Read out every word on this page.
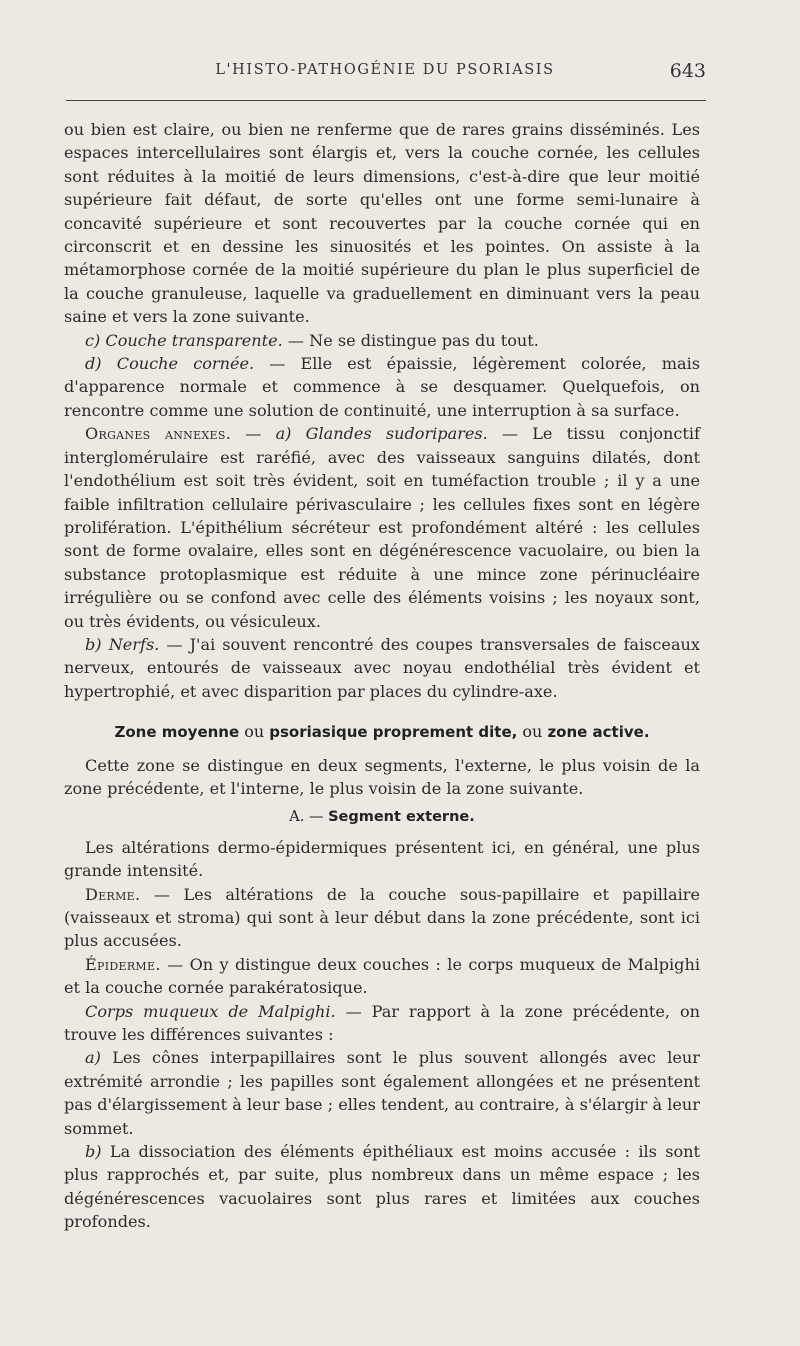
L'HISTO-PATHOGÉNIE DU PSORIASIS	643

ou bien est claire, ou bien ne renferme que de rares grains disséminés. Les espaces intercellulaires sont élargis et, vers la couche cornée, les cellules sont réduites à la moitié de leurs dimensions, c'est-à-dire que leur moitié supérieure fait défaut, de sorte qu'elles ont une forme semi-lunaire à concavité supérieure et sont recouvertes par la couche cornée qui en circonscrit et en dessine les sinuosités et les pointes. On assiste à la métamorphose cornée de la moitié supérieure du plan le plus superficiel de la couche granuleuse, laquelle va graduellement en diminuant vers la peau saine et vers la zone suivante.

c) Couche transparente. — Ne se distingue pas du tout.

d) Couche cornée. — Elle est épaissie, légèrement colorée, mais d'apparence normale et commence à se desquamer. Quelquefois, on rencontre comme une solution de continuité, une interruption à sa surface.

Organes annexes. — a) Glandes sudoripares. — Le tissu conjonctif interglomérulaire est raréfié, avec des vaisseaux sanguins dilatés, dont l'endothélium est soit très évident, soit en tuméfaction trouble ; il y a une faible infiltration cellulaire périvasculaire ; les cellules fixes sont en légère prolifération. L'épithélium sécréteur est profondément altéré : les cellules sont de forme ovalaire, elles sont en dégénérescence vacuolaire, ou bien la substance protoplasmique est réduite à une mince zone périnucléaire irrégulière ou se confond avec celle des éléments voisins ; les noyaux sont, ou très évidents, ou vésiculeux.

b) Nerfs. — J'ai souvent rencontré des coupes transversales de faisceaux nerveux, entourés de vaisseaux avec noyau endothélial très évident et hypertrophié, et avec disparition par places du cylindre-axe.

Zone moyenne ou psoriasique proprement dite, ou zone active.

Cette zone se distingue en deux segments, l'externe, le plus voisin de la zone précédente, et l'interne, le plus voisin de la zone suivante.

A. — Segment externe.

Les altérations dermo-épidermiques présentent ici, en général, une plus grande intensité.

Derme. — Les altérations de la couche sous-papillaire et papillaire (vaisseaux et stroma) qui sont à leur début dans la zone précédente, sont ici plus accusées.

Épiderme. — On y distingue deux couches : le corps muqueux de Malpighi et la couche cornée parakératosique.

Corps muqueux de Malpighi. — Par rapport à la zone précédente, on trouve les différences suivantes :

a) Les cônes interpapillaires sont le plus souvent allongés avec leur extrémité arrondie ; les papilles sont également allongées et ne présentent pas d'élargissement à leur base ; elles tendent, au contraire, à s'élargir à leur sommet.

b) La dissociation des éléments épithéliaux est moins accusée : ils sont plus rapprochés et, par suite, plus nombreux dans un même espace ; les dégénérescences vacuolaires sont plus rares et limitées aux couches profondes.
